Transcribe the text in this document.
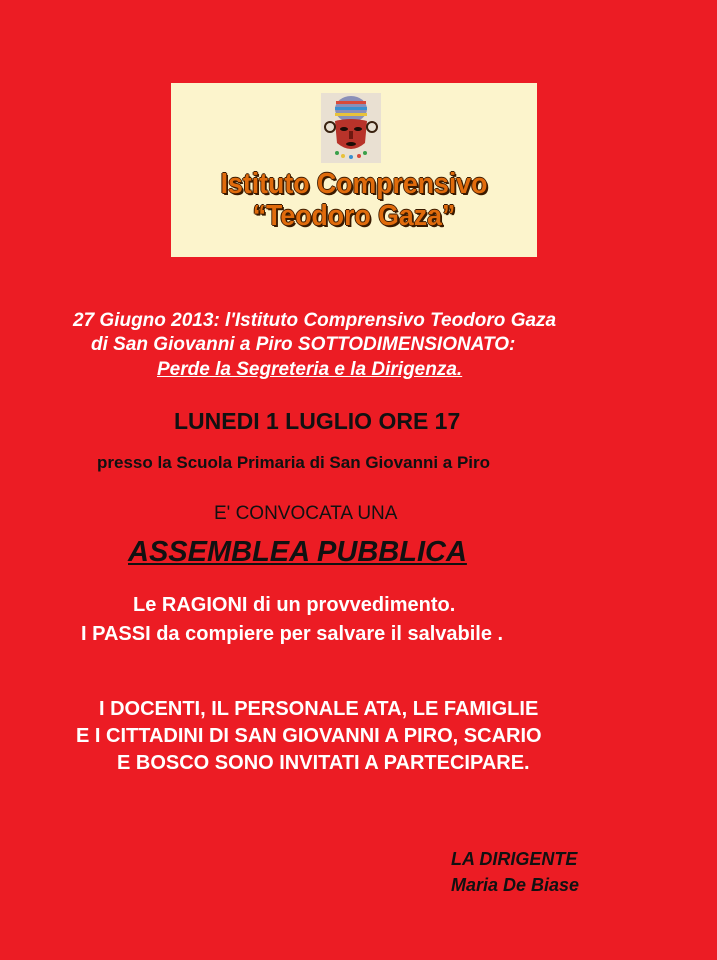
Istituto Comprensivo
“Teodoro Gaza”
27 Giugno 2013: l'Istituto Comprensivo Teodoro Gaza
di San Giovanni a Piro SOTTODIMENSIONATO:
Perde la Segreteria e la Dirigenza.
LUNEDI 1 LUGLIO ORE 17
presso la Scuola Primaria di San Giovanni a Piro
E' CONVOCATA UNA
ASSEMBLEA PUBBLICA
Le RAGIONI di un provvedimento.
I PASSI da compiere per salvare il salvabile .
I DOCENTI, IL PERSONALE ATA, LE FAMIGLIE
E I CITTADINI DI SAN GIOVANNI A PIRO, SCARIO
E BOSCO SONO INVITATI A PARTECIPARE.
LA DIRIGENTE
Maria De Biase
